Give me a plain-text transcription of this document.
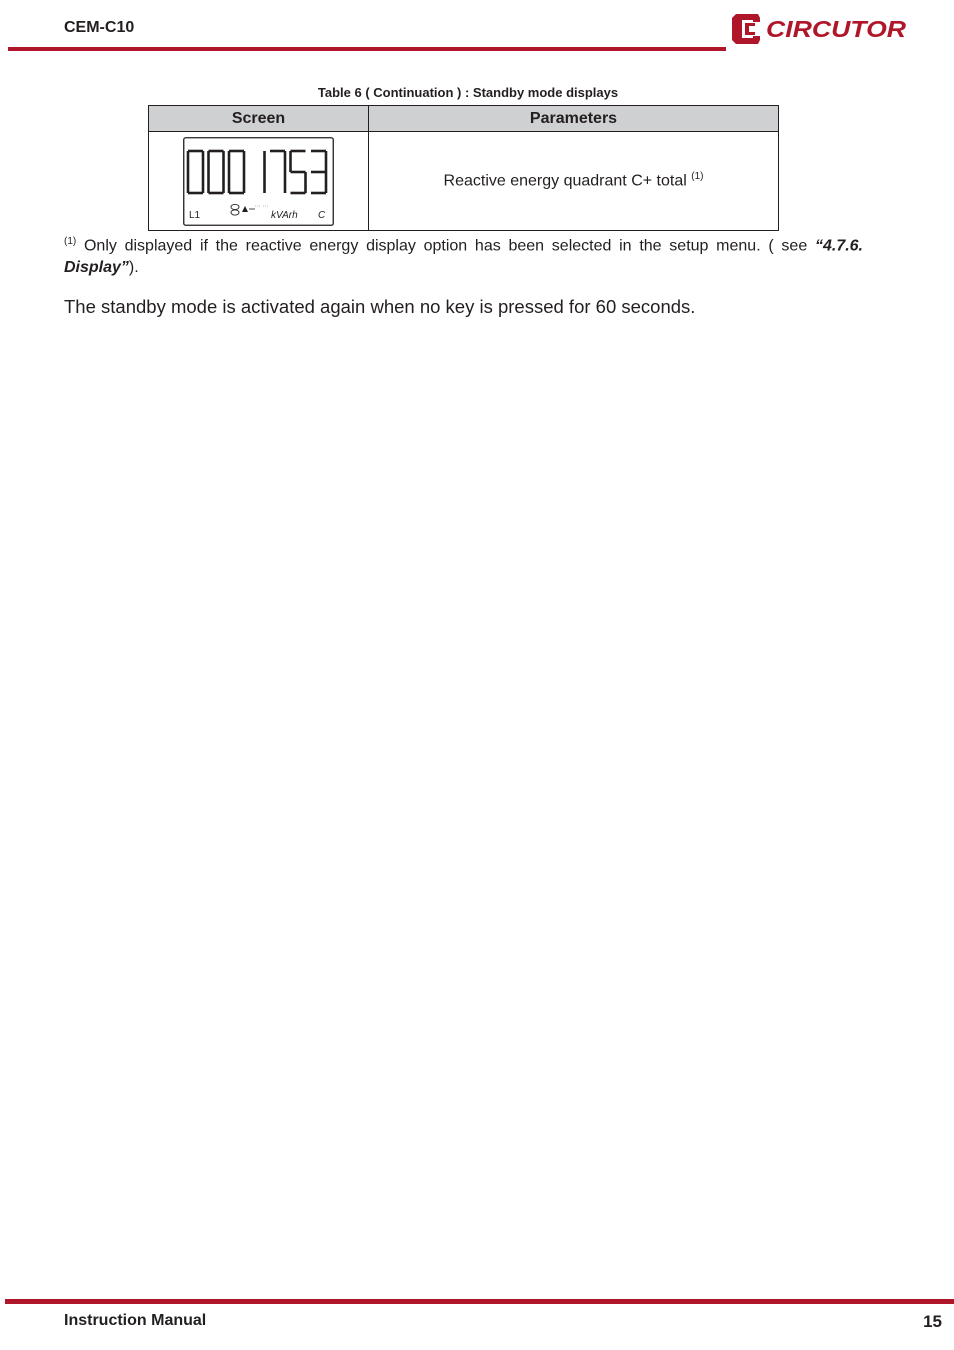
CEM-C10	CIRCUTOR
Table 6 ( Continuation ) : Standby mode displays
Screen	Parameters

L1 kVArh C	Reactive energy quadrant C+ total $^{(1)}$
$^{(1)}$ Only displayed if the reactive energy display option has been selected in the setup menu. ( see “4.7.6. Display”).
The standby mode is activated again when no key is pressed for 60 seconds.
Instruction Manual	15
